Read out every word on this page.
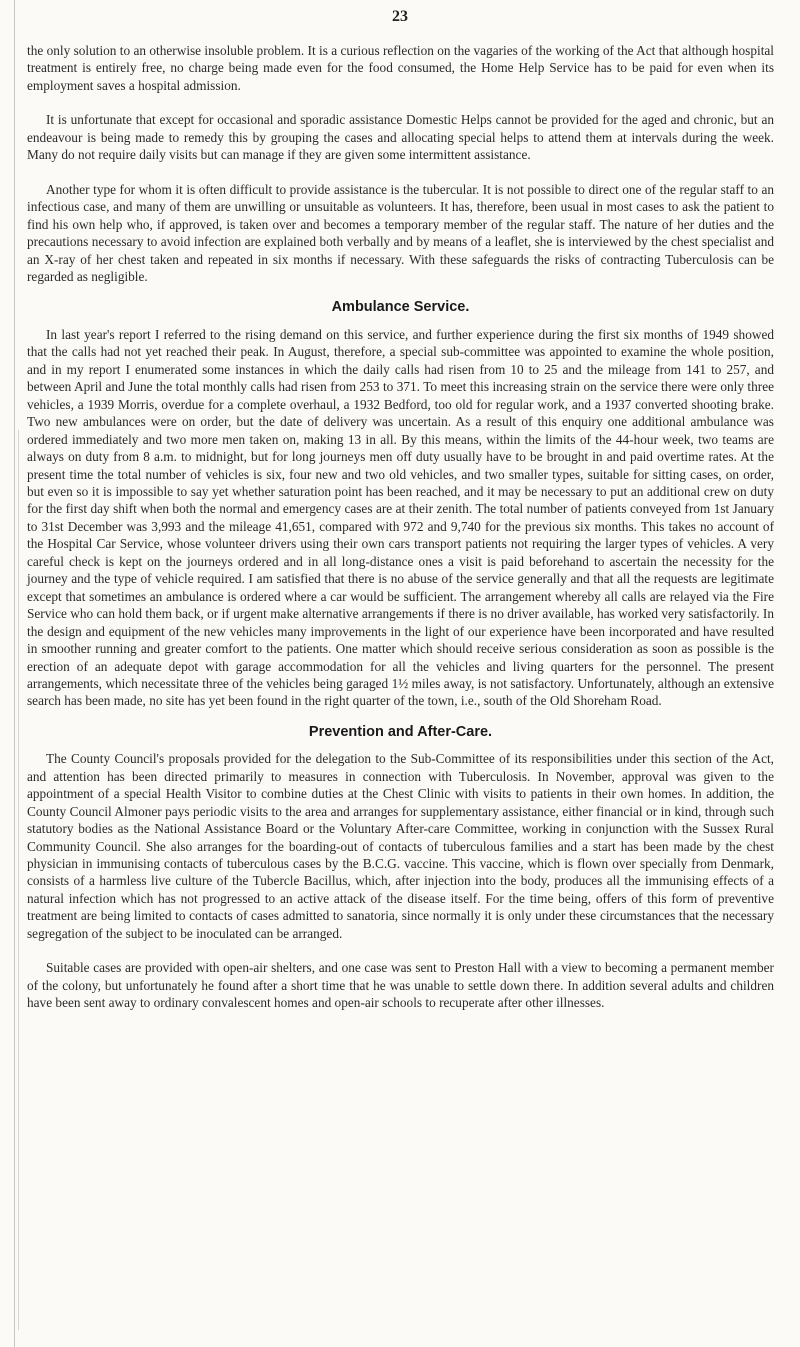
23

the only solution to an otherwise insoluble problem. It is a curious reflection on the vagaries of the working of the Act that although hospital treatment is entirely free, no charge being made even for the food consumed, the Home Help Service has to be paid for even when its employment saves a hospital admission.

It is unfortunate that except for occasional and sporadic assistance Domestic Helps cannot be provided for the aged and chronic, but an endeavour is being made to remedy this by grouping the cases and allocating special helps to attend them at intervals during the week. Many do not require daily visits but can manage if they are given some intermittent assistance.

Another type for whom it is often difficult to provide assistance is the tubercular. It is not possible to direct one of the regular staff to an infectious case, and many of them are unwilling or unsuitable as volunteers. It has, therefore, been usual in most cases to ask the patient to find his own help who, if approved, is taken over and becomes a temporary member of the regular staff. The nature of her duties and the precautions necessary to avoid infection are explained both verbally and by means of a leaflet, she is interviewed by the chest specialist and an X-ray of her chest taken and repeated in six months if necessary. With these safeguards the risks of contracting Tuberculosis can be regarded as negligible.

Ambulance Service.

In last year's report I referred to the rising demand on this service, and further experience during the first six months of 1949 showed that the calls had not yet reached their peak. In August, therefore, a special sub-committee was appointed to examine the whole position, and in my report I enumerated some instances in which the daily calls had risen from 10 to 25 and the mileage from 141 to 257, and between April and June the total monthly calls had risen from 253 to 371. To meet this increasing strain on the service there were only three vehicles, a 1939 Morris, overdue for a complete overhaul, a 1932 Bedford, too old for regular work, and a 1937 converted shooting brake. Two new ambulances were on order, but the date of delivery was uncertain. As a result of this enquiry one additional ambulance was ordered immediately and two more men taken on, making 13 in all. By this means, within the limits of the 44-hour week, two teams are always on duty from 8 a.m. to midnight, but for long journeys men off duty usually have to be brought in and paid overtime rates. At the present time the total number of vehicles is six, four new and two old vehicles, and two smaller types, suitable for sitting cases, on order, but even so it is impossible to say yet whether saturation point has been reached, and it may be necessary to put an additional crew on duty for the first day shift when both the normal and emergency cases are at their zenith. The total number of patients conveyed from 1st January to 31st December was 3,993 and the mileage 41,651, compared with 972 and 9,740 for the previous six months. This takes no account of the Hospital Car Service, whose volunteer drivers using their own cars transport patients not requiring the larger types of vehicles. A very careful check is kept on the journeys ordered and in all long-distance ones a visit is paid beforehand to ascertain the necessity for the journey and the type of vehicle required. I am satisfied that there is no abuse of the service generally and that all the requests are legitimate except that sometimes an ambulance is ordered where a car would be sufficient. The arrangement whereby all calls are relayed via the Fire Service who can hold them back, or if urgent make alternative arrangements if there is no driver available, has worked very satisfactorily. In the design and equipment of the new vehicles many improvements in the light of our experience have been incorporated and have resulted in smoother running and greater comfort to the patients. One matter which should receive serious consideration as soon as possible is the erection of an adequate depot with garage accommodation for all the vehicles and living quarters for the personnel. The present arrangements, which necessitate three of the vehicles being garaged 1½ miles away, is not satisfactory. Unfortunately, although an extensive search has been made, no site has yet been found in the right quarter of the town, i.e., south of the Old Shoreham Road.

Prevention and After-Care.

The County Council's proposals provided for the delegation to the Sub-Committee of its responsibilities under this section of the Act, and attention has been directed primarily to measures in connection with Tuberculosis. In November, approval was given to the appointment of a special Health Visitor to combine duties at the Chest Clinic with visits to patients in their own homes. In addition, the County Council Almoner pays periodic visits to the area and arranges for supplementary assistance, either financial or in kind, through such statutory bodies as the National Assistance Board or the Voluntary After-care Committee, working in conjunction with the Sussex Rural Community Council. She also arranges for the boarding-out of contacts of tuberculous families and a start has been made by the chest physician in immunising contacts of tuberculous cases by the B.C.G. vaccine. This vaccine, which is flown over specially from Denmark, consists of a harmless live culture of the Tubercle Bacillus, which, after injection into the body, produces all the immunising effects of a natural infection which has not progressed to an active attack of the disease itself. For the time being, offers of this form of preventive treatment are being limited to contacts of cases admitted to sanatoria, since normally it is only under these circumstances that the necessary segregation of the subject to be inoculated can be arranged.

Suitable cases are provided with open-air shelters, and one case was sent to Preston Hall with a view to becoming a permanent member of the colony, but unfortunately he found after a short time that he was unable to settle down there. In addition several adults and children have been sent away to ordinary convalescent homes and open-air schools to recuperate after other illnesses.
